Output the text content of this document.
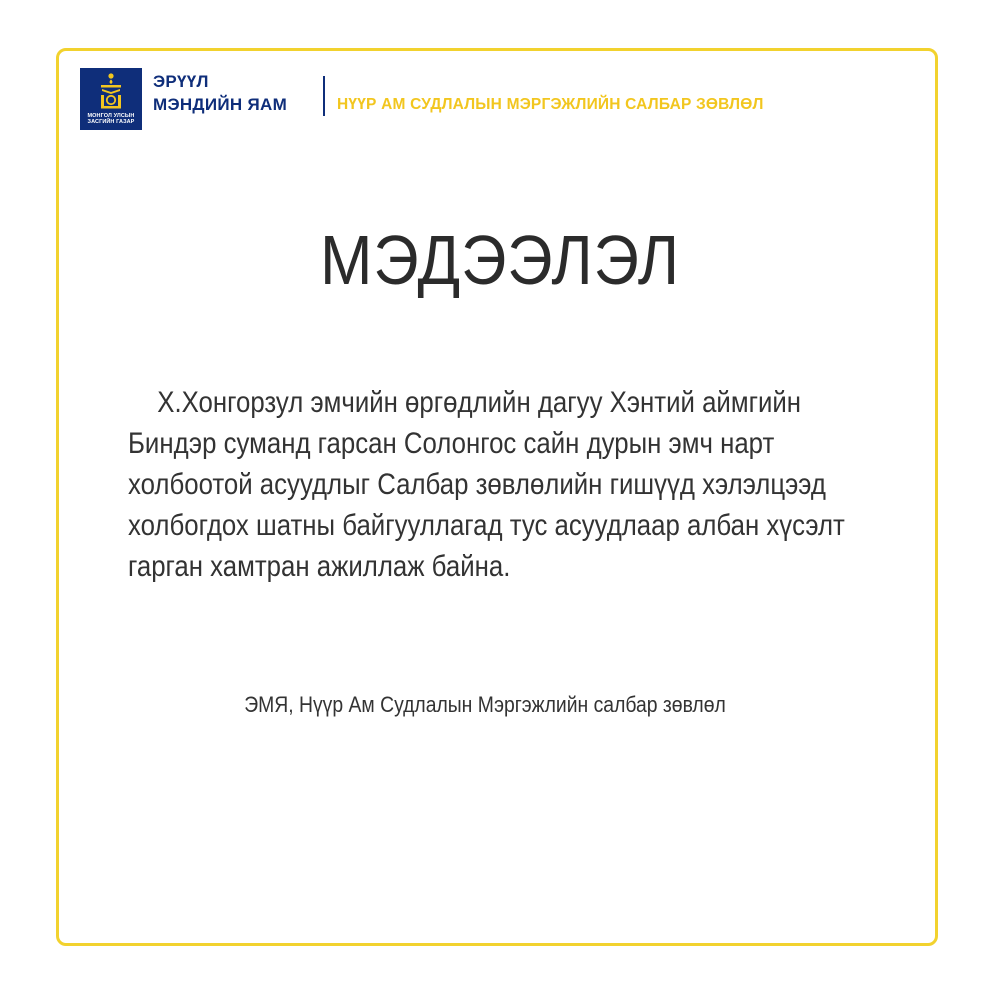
МОНГОЛ УЛСЫН
ЗАСГИЙН ГАЗАР
ЭРҮҮЛ
МЭНДИЙН ЯАМ	НҮҮР АМ СУДЛАЛЫН МЭРГЭЖЛИЙН САЛБАР ЗӨВЛӨЛ
МЭДЭЭЛЭЛ
Х.Хонгорзул эмчийн өргөдлийн дагуу Хэнтий аймгийн Биндэр суманд гарсан Солонгос сайн дурын эмч нарт холбоотой асуудлыг Салбар зөвлөлийн гишүүд хэлэлцээд холбогдох шатны байгууллагад тус асуудлаар албан хүсэлт гарган хамтран ажиллаж байна.
ЭМЯ, Нүүр Ам Судлалын Мэргэжлийн салбар зөвлөл
